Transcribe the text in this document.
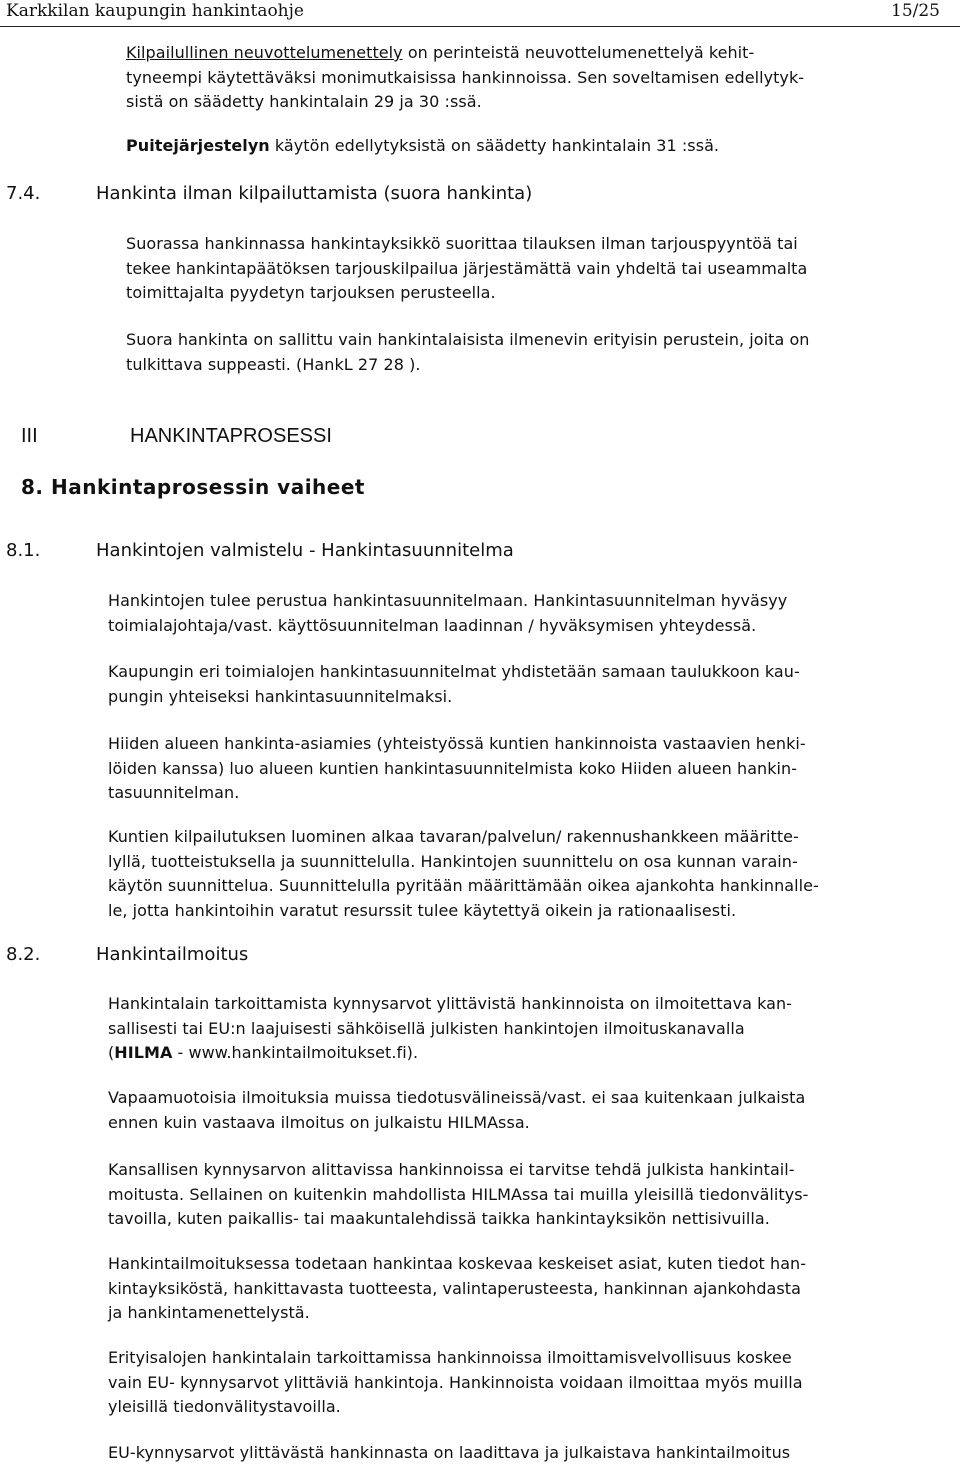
Karkkilan kaupungin hankintaohje	15/25
Kilpailullinen neuvottelumenettely on perinteistä neuvottelumenettelyä kehit-
tyneempi käytettäväksi monimutkaisissa hankinnoissa. Sen soveltamisen edellytyk-
sistä on säädetty hankintalain 29 ja 30 :ssä.
Puitejärjestelyn käytön edellytyksistä on säädetty hankintalain 31 :ssä.
7.4.	Hankinta ilman kilpailuttamista (suora hankinta)
Suorassa hankinnassa hankintayksikkö suorittaa tilauksen ilman tarjouspyyntöä tai
tekee hankintapäätöksen tarjouskilpailua järjestämättä vain yhdeltä tai useammalta
toimittajalta pyydetyn tarjouksen perusteella.
Suora hankinta on sallittu vain hankintalaisista ilmenevin erityisin perustein, joita on
tulkittava suppeasti. (HankL 27 28 ).
III	HANKINTAPROSESSI
8. Hankintaprosessin vaiheet
8.1.	Hankintojen valmistelu - Hankintasuunnitelma
Hankintojen tulee perustua hankintasuunnitelmaan. Hankintasuunnitelman hyväsyy
toimialajohtaja/vast. käyttösuunnitelman laadinnan / hyväksymisen yhteydessä.
Kaupungin eri toimialojen hankintasuunnitelmat yhdistetään samaan taulukkoon kau-
pungin yhteiseksi hankintasuunnitelmaksi.
Hiiden alueen hankinta-asiamies (yhteistyössä kuntien hankinnoista vastaavien henki-
löiden kanssa) luo alueen kuntien hankintasuunnitelmista koko Hiiden alueen hankin-
tasuunnitelman.
Kuntien kilpailutuksen luominen alkaa tavaran/palvelun/ rakennushankkeen määritte-
lyllä, tuotteistuksella ja suunnittelulla. Hankintojen suunnittelu on osa kunnan varain-
käytön suunnittelua. Suunnittelulla pyritään määrittämään oikea ajankohta hankinnalle-
le, jotta hankintoihin varatut resurssit tulee käytettyä oikein ja rationaalisesti.
8.2.	Hankintailmoitus
Hankintalain tarkoittamista kynnysarvot ylittävistä hankinnoista on ilmoitettava kan-
sallisesti tai EU:n laajuisesti sähköisellä julkisten hankintojen ilmoituskanavalla
(HILMA - www.hankintailmoitukset.fi).
Vapaamuotoisia ilmoituksia muissa tiedotusvälineissä/vast. ei saa kuitenkaan julkaista
ennen kuin vastaava ilmoitus on julkaistu HILMAssa.
Kansallisen kynnysarvon alittavissa hankinnoissa ei tarvitse tehdä julkista hankintail-
moitusta. Sellainen on kuitenkin mahdollista HILMAssa tai muilla yleisillä tiedonvälitys-
tavoilla, kuten paikallis- tai maakuntalehdissä taikka hankintayksikön nettisivuilla.
Hankintailmoituksessa todetaan hankintaa koskevaa keskeiset asiat, kuten tiedot han-
kintayksiköstä, hankittavasta tuotteesta, valintaperusteesta, hankinnan ajankohdasta
ja hankintamenettelystä.
Erityisalojen hankintalain tarkoittamissa hankinnoissa ilmoittamisvelvollisuus koskee
vain EU- kynnysarvot ylittäviä hankintoja. Hankinnoista voidaan ilmoittaa myös muilla
yleisillä tiedonvälitystavoilla.
EU-kynnysarvot ylittävästä hankinnasta on laadittava ja julkaistava hankintailmoitus
